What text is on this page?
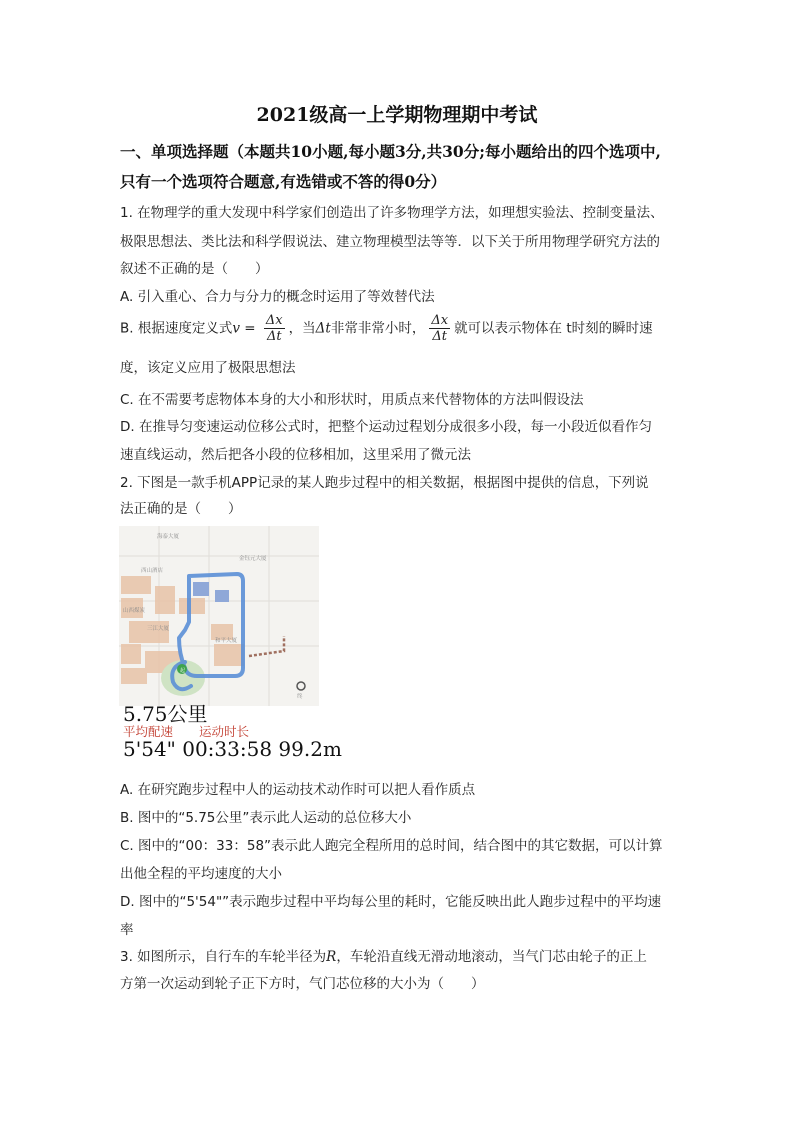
2021级高一上学期物理期中考试
一、单项选择题（本题共10小题,每小题3分,共30分;每小题给出的四个选项中,
只有一个选项符合题意,有选错或不答的得0分）
1. 在物理学的重大发现中科学家们创造出了许多物理学方法，如理想实验法、控制变量法、
极限思想法、类比法和科学假说法、建立物理模型法等等．以下关于所用物理学研究方法的
叙述不正确的是（　　）
A. 引入重心、合力与分力的概念时运用了等效替代法
B. 根据速度定义式$v = \frac{\Delta x}{\Delta t}$ ，当Δt非常非常小时， $\frac{\Delta x}{\Delta t}$ 就可以表示物体在 t时刻的瞬时速
度，该定义应用了极限思想法
C. 在不需要考虑物体本身的大小和形状时，用质点来代替物体的方法叫假设法
D. 在推导匀变速运动位移公式时，把整个运动过程划分成很多小段，每一小段近似看作匀
速直线运动，然后把各小段的位移相加，这里采用了微元法
2. 下图是一款手机APP记录的某人跑步过程中的相关数据，根据图中提供的信息，下列说
法正确的是（　　）
海泰大厦
西山酒店
金钰元大厦
山西煤炭
三江大厦
和平大厦
起
终
5.75公里
平均配速 运动时长
5'54" 00:33:58 99.2m
A. 在研究跑步过程中人的运动技术动作时可以把人看作质点
B. 图中的“5.75公里”表示此人运动的总位移大小
C. 图中的“00：33：58”表示此人跑完全程所用的总时间，结合图中的其它数据，可以计算
出他全程的平均速度的大小
D. 图中的“5'54"”表示跑步过程中平均每公里的耗时，它能反映出此人跑步过程中的平均速
率
3. 如图所示，自行车的车轮半径为R，车轮沿直线无滑动地滚动，当气门芯由轮子的正上
方第一次运动到轮子正下方时，气门芯位移的大小为（　　）
